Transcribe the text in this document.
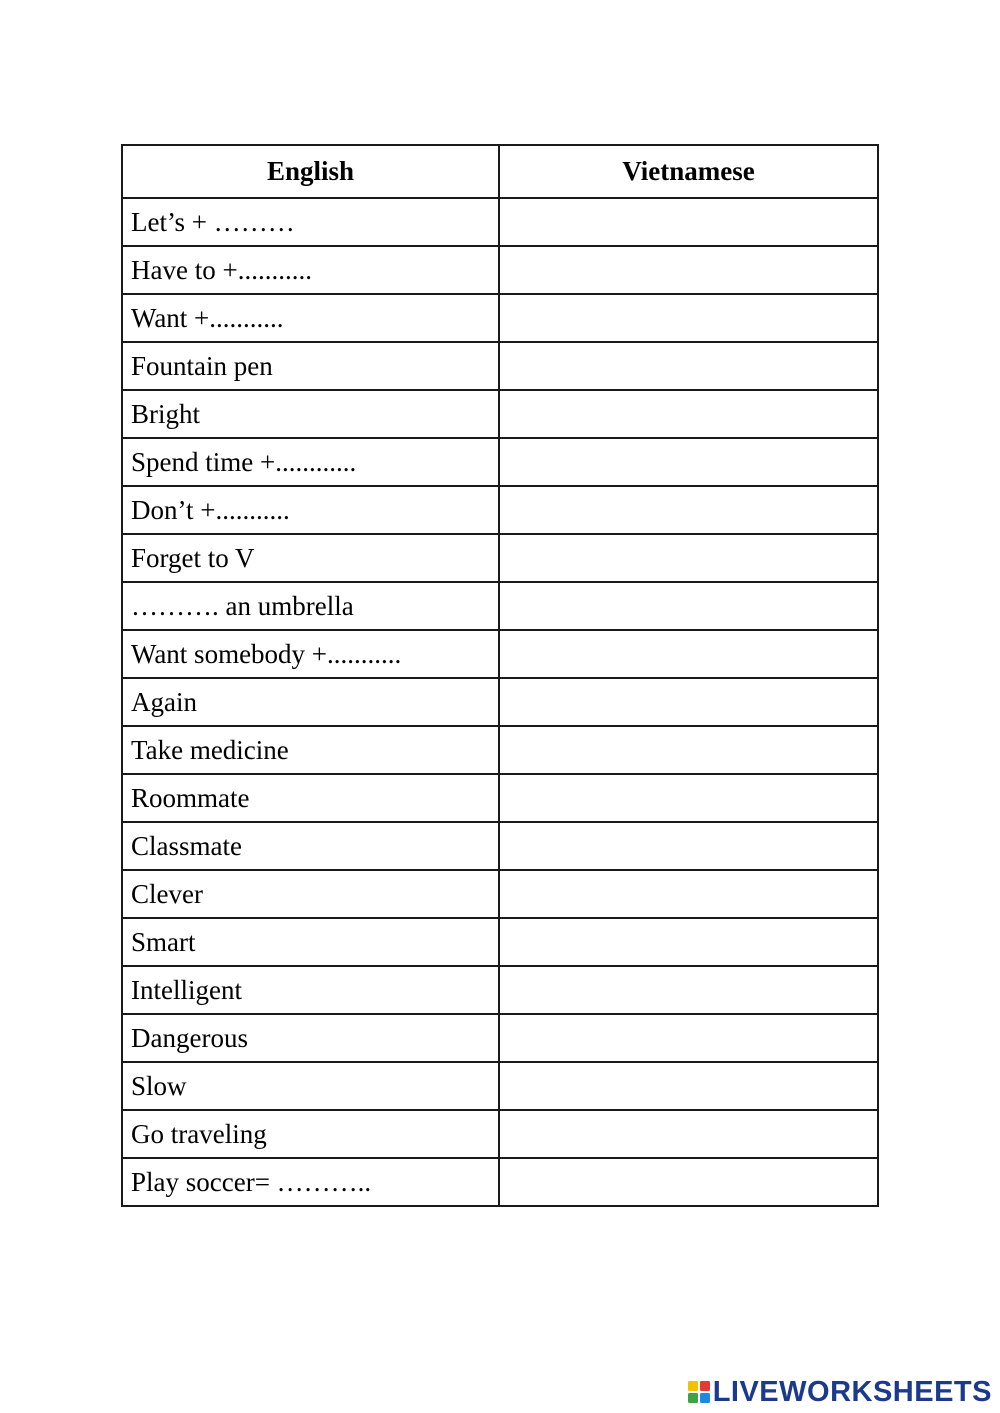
English	Vietnamese
Let’s + ………	
Have to +...........	
Want +...........	
Fountain pen	
Bright	
Spend time +............	
Don’t +...........	
Forget to V	
………. an umbrella	
Want somebody +...........	
Again	
Take medicine	
Roommate	
Classmate	
Clever	
Smart	
Intelligent	
Dangerous	
Slow	
Go traveling	
Play soccer= ………..	
LIVEWORKSHEETS
